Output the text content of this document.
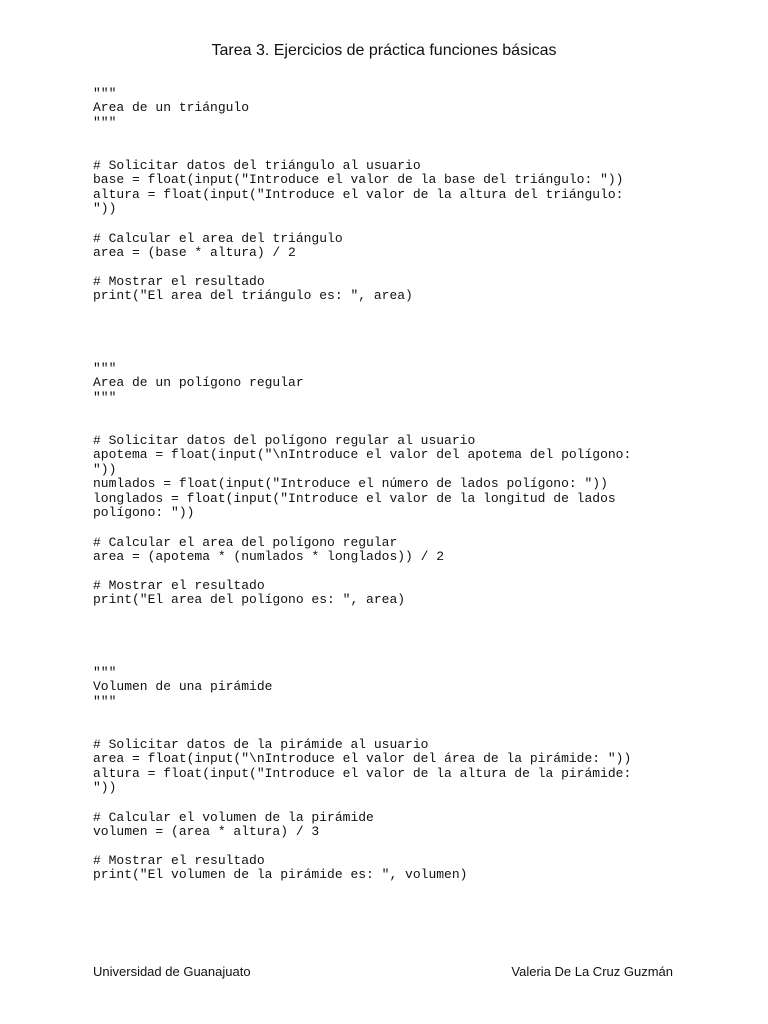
Tarea 3. Ejercicios de práctica funciones básicas
"""
Area de un triángulo
"""
# Solicitar datos del triángulo al usuario
base = float(input("Introduce el valor de la base del triángulo: "))
altura = float(input("Introduce el valor de la altura del triángulo:
"))
# Calcular el area del triángulo
area = (base * altura) / 2
# Mostrar el resultado
print("El area del triángulo es: ", area)
"""
Area de un polígono regular
"""
# Solicitar datos del polígono regular al usuario
apotema = float(input("\nIntroduce el valor del apotema del polígono:
"))
numlados = float(input("Introduce el número de lados polígono: "))
longlados = float(input("Introduce el valor de la longitud de lados
polígono: "))
# Calcular el area del polígono regular
area = (apotema * (numlados * longlados)) / 2
# Mostrar el resultado
print("El area del polígono es: ", area)
"""
Volumen de una pirámide
"""
# Solicitar datos de la pirámide al usuario
area = float(input("\nIntroduce el valor del área de la pirámide: "))
altura = float(input("Introduce el valor de la altura de la pirámide:
"))
# Calcular el volumen de la pirámide
volumen = (area * altura) / 3
# Mostrar el resultado
print("El volumen de la pirámide es: ", volumen)
Universidad de Guanajuato	Valeria De La Cruz Guzmán
